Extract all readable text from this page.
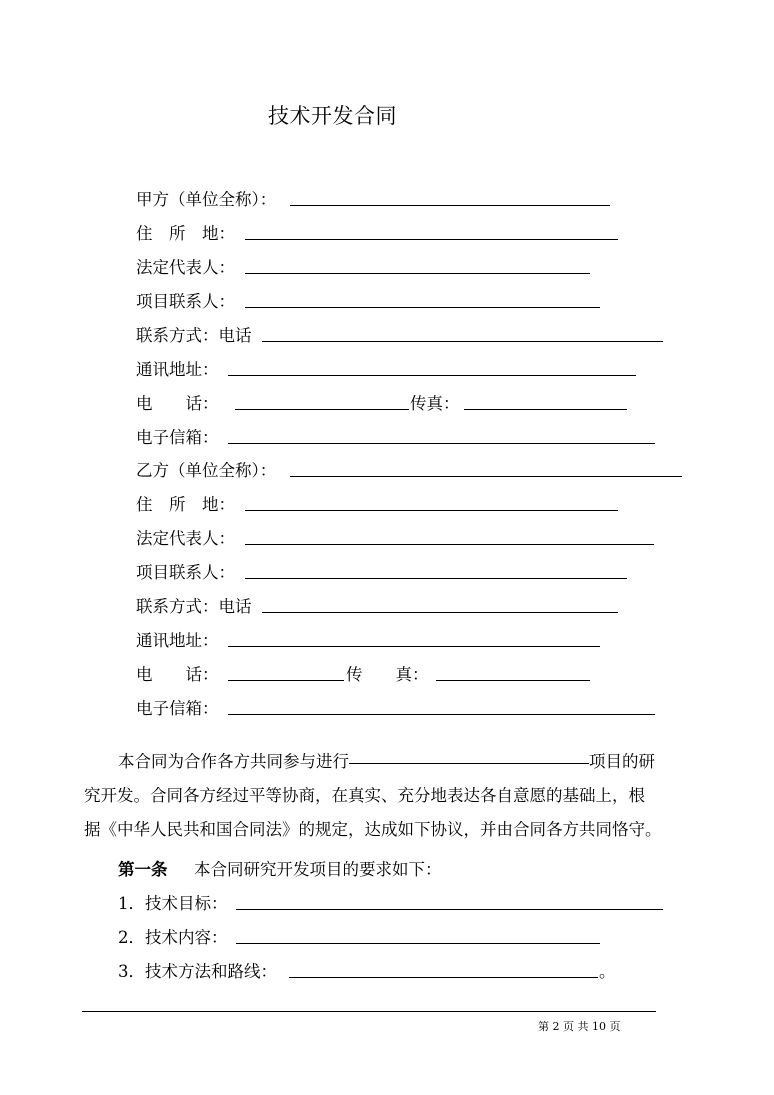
技术开发合同
甲方（单位全称）：
住　所　地：
法定代表人：
项目联系人：
联系方式：电话
通讯地址：
电　　话：	传真：
电子信箱：
乙方（单位全称）：
住　所　地：
法定代表人：
项目联系人：
联系方式：电话
通讯地址：
电　　话：	传　　真：
电子信箱：
本合同为合作各方共同参与进行	项目的研
究开发。合同各方经过平等协商，在真实、充分地表达各自意愿的基础上，根
据《中华人民共和国合同法》的规定，达成如下协议，并由合同各方共同恪守。
第一条 本合同研究开发项目的要求如下：
1．技术目标：
2．技术内容：
3．技术方法和路线：	。
第 2 页 共 10 页
